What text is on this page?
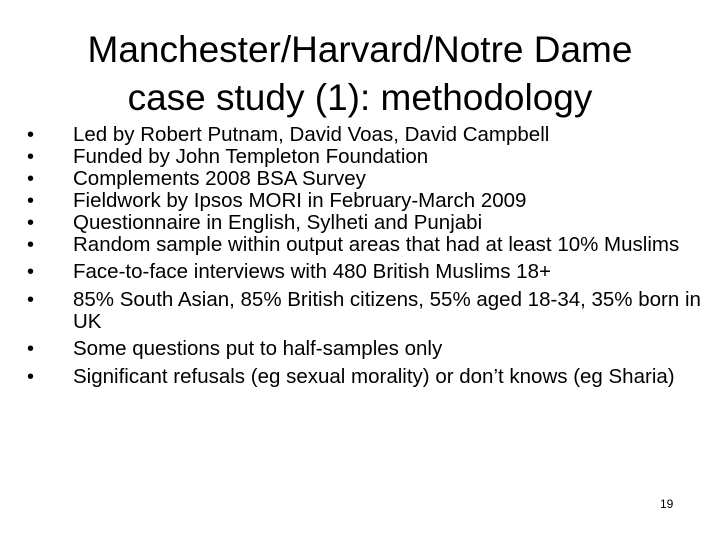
Manchester/Harvard/Notre Dame
case study (1): methodology
•	Led by Robert Putnam, David Voas, David Campbell
•	Funded by John Templeton Foundation
•	Complements 2008 BSA Survey
•	Fieldwork by Ipsos MORI in February-March 2009
•	Questionnaire in English, Sylheti and Punjabi
•	Random sample within output areas that had at least 10% Muslims
•	Face-to-face interviews with 480 British Muslims 18+
•	85% South Asian, 85% British citizens, 55% aged 18-34, 35% born in UK
•	Some questions put to half-samples only
•	Significant refusals (eg sexual morality) or don’t knows (eg Sharia)
19
